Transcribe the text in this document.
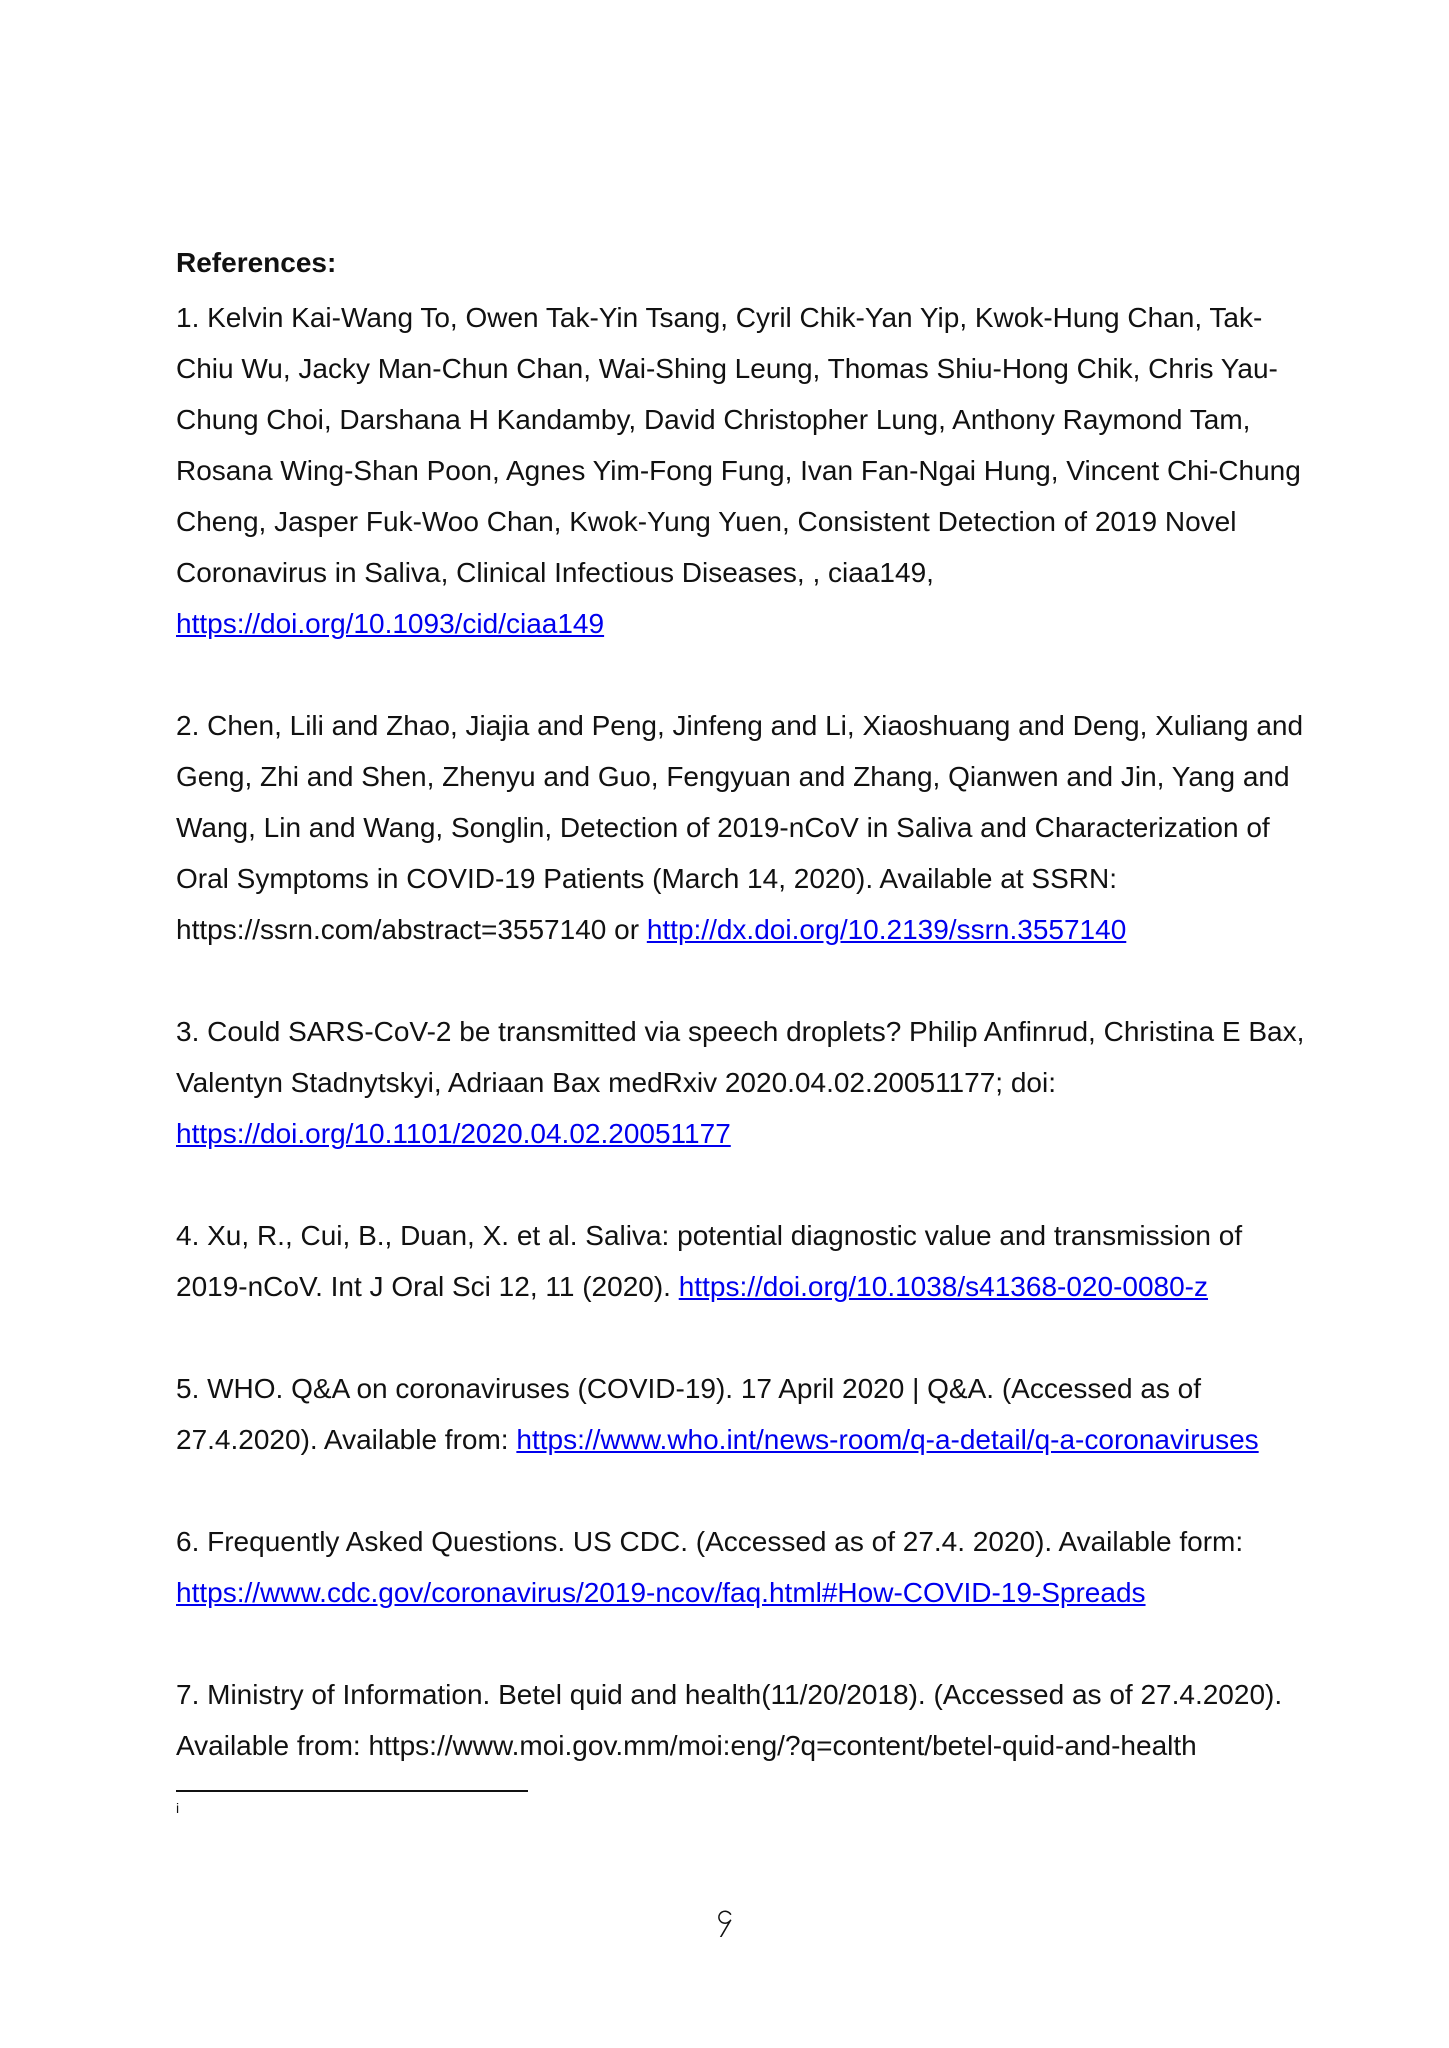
References:
1. Kelvin Kai-Wang To, Owen Tak-Yin Tsang, Cyril Chik-Yan Yip, Kwok-Hung Chan, Tak-Chiu Wu, Jacky Man-Chun Chan, Wai-Shing Leung, Thomas Shiu-Hong Chik, Chris Yau-Chung Choi, Darshana H Kandamby, David Christopher Lung, Anthony Raymond Tam, Rosana Wing-Shan Poon, Agnes Yim-Fong Fung, Ivan Fan-Ngai Hung, Vincent Chi-Chung Cheng, Jasper Fuk-Woo Chan, Kwok-Yung Yuen, Consistent Detection of 2019 Novel Coronavirus in Saliva, Clinical Infectious Diseases, , ciaa149, https://doi.org/10.1093/cid/ciaa149
2. Chen, Lili and Zhao, Jiajia and Peng, Jinfeng and Li, Xiaoshuang and Deng, Xuliang and Geng, Zhi and Shen, Zhenyu and Guo, Fengyuan and Zhang, Qianwen and Jin, Yang and Wang, Lin and Wang, Songlin, Detection of 2019-nCoV in Saliva and Characterization of Oral Symptoms in COVID-19 Patients (March 14, 2020). Available at SSRN: https://ssrn.com/abstract=3557140 or http://dx.doi.org/10.2139/ssrn.3557140
3. Could SARS-CoV-2 be transmitted via speech droplets? Philip Anfinrud, Christina E Bax, Valentyn Stadnytskyi, Adriaan Bax medRxiv 2020.04.02.20051177; doi: https://doi.org/10.1101/2020.04.02.20051177
4. Xu, R., Cui, B., Duan, X. et al. Saliva: potential diagnostic value and transmission of 2019-nCoV. Int J Oral Sci 12, 11 (2020). https://doi.org/10.1038/s41368-020-0080-z
5. WHO. Q&A on coronaviruses (COVID-19). 17 April 2020 | Q&A. (Accessed as of 27.4.2020). Available from: https://www.who.int/news-room/q-a-detail/q-a-coronaviruses
6. Frequently Asked Questions. US CDC. (Accessed as of 27.4. 2020). Available form: https://www.cdc.gov/coronavirus/2019-ncov/faq.html#How-COVID-19-Spreads
7. Ministry of Information. Betel quid and health(11/20/2018). (Accessed as of 27.4.2020). Available from: https://www.moi.gov.mm/moi:eng/?q=content/betel-quid-and-health
i
၄
